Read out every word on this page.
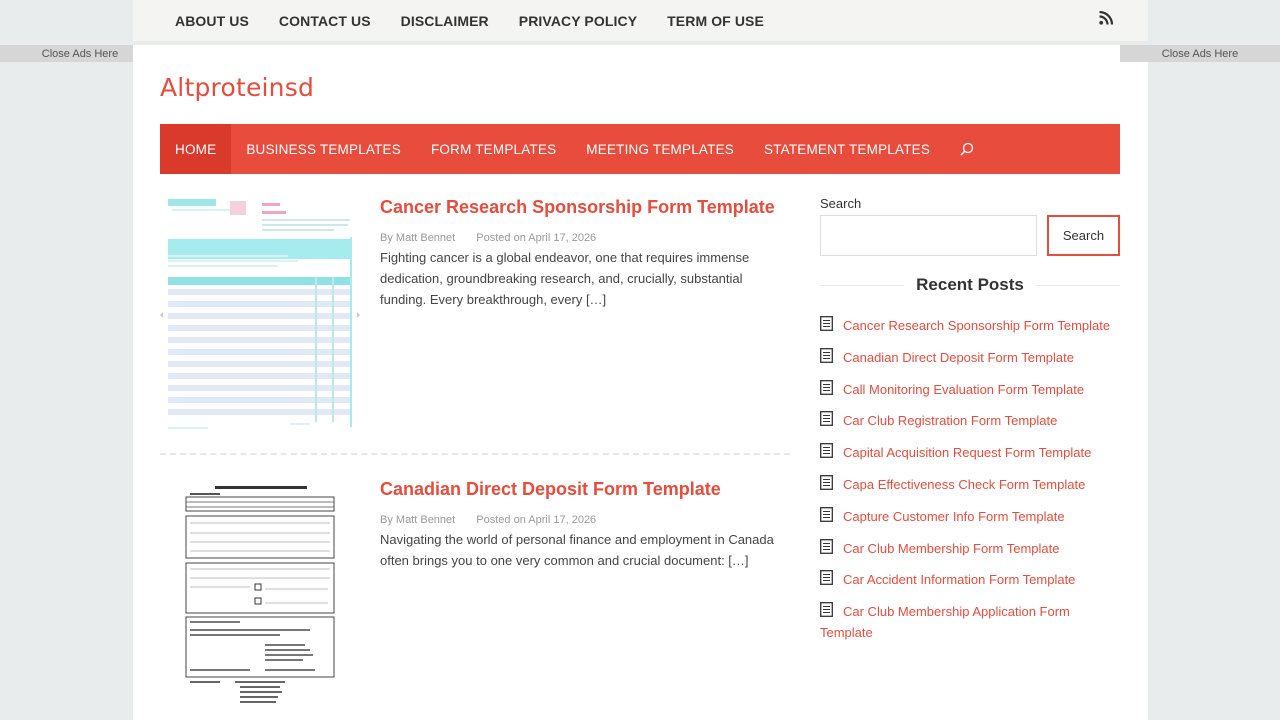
ABOUT US CONTACT US DISCLAIMER PRIVACY POLICY TERM OF USE
Close Ads Here
Altproteinsd
HOME	BUSINESS TEMPLATES	FORM TEMPLATES	MEETING TEMPLATES	STATEMENT TEMPLATES
Cancer Research Sponsorship Form Template
By Matt Bennet Posted on April 17, 2026

Fighting cancer is a global endeavor, one that requires immense dedication, groundbreaking research, and, crucially, substantial funding. Every breakthrough, every […]

Canadian Direct Deposit Form Template
By Matt Bennet Posted on April 17, 2026

Navigating the world of personal finance and employment in Canada often brings you to one very common and crucial document: […]

Search
Search
Recent Posts
Cancer Research Sponsorship Form Template
Canadian Direct Deposit Form Template
Call Monitoring Evaluation Form Template
Car Club Registration Form Template
Capital Acquisition Request Form Template
Capa Effectiveness Check Form Template
Capture Customer Info Form Template
Car Club Membership Form Template
Car Accident Information Form Template
Car Club Membership Application Form Template
Close Ads Here
